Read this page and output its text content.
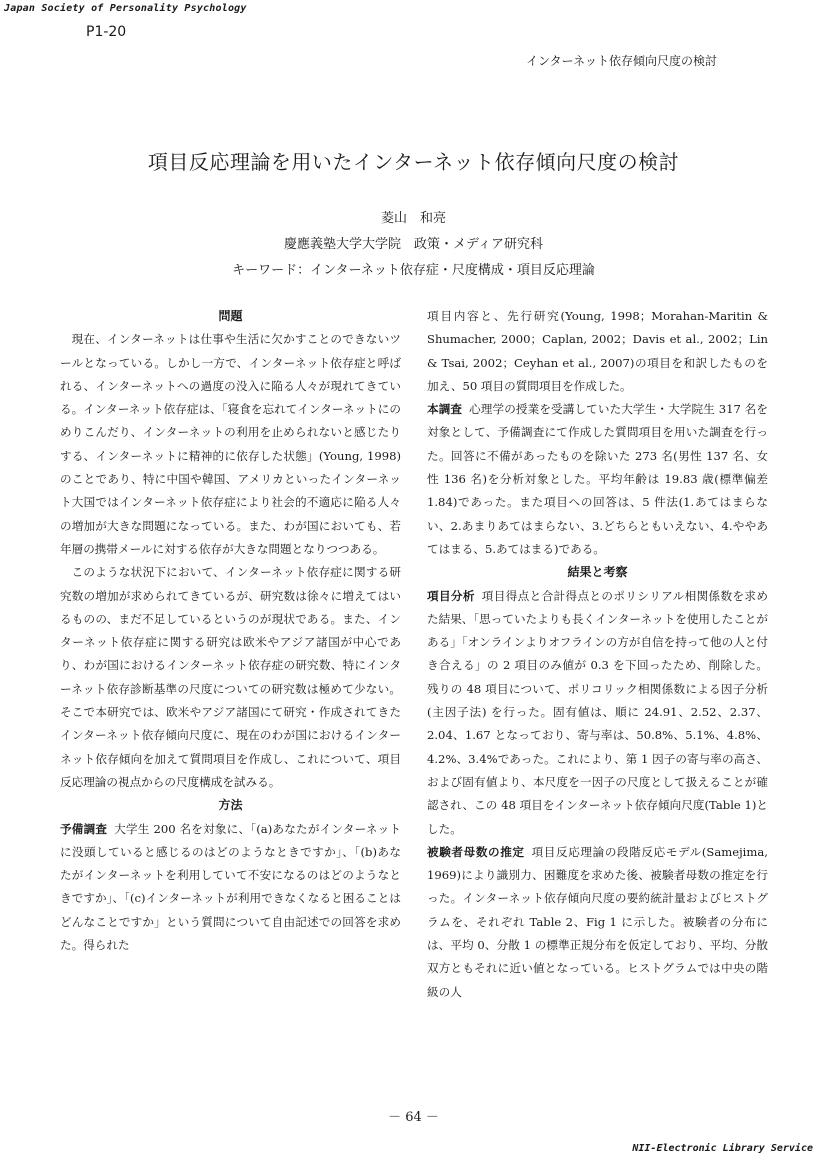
Japan Society of Personality Psychology
P1-20
インターネット依存傾向尺度の検討
項目反応理論を用いたインターネット依存傾向尺度の検討
菱山　和亮
慶應義塾大学大学院　政策・メディア研究科
キーワード：インターネット依存症・尺度構成・項目反応理論
問題

現在、インターネットは仕事や生活に欠かすことのできないツールとなっている。しかし一方で、インターネット依存症と呼ばれる、インターネットへの過度の没入に陥る人々が現れてきている。インターネット依存症は、「寝食を忘れてインターネットにのめりこんだり、インターネットの利用を止められないと感じたりする、インターネットに精神的に依存した状態」(Young, 1998)のことであり、特に中国や韓国、アメリカといったインターネット大国ではインターネット依存症により社会的不適応に陥る人々の増加が大きな問題になっている。また、わが国においても、若年層の携帯メールに対する依存が大きな問題となりつつある。

このような状況下において、インターネット依存症に関する研究数の増加が求められてきているが、研究数は徐々に増えてはいるものの、まだ不足しているというのが現状である。また、インターネット依存症に関する研究は欧米やアジア諸国が中心であり、わが国におけるインターネット依存症の研究数、特にインターネット依存診断基準の尺度についての研究数は極めて少ない。そこで本研究では、欧米やアジア諸国にて研究・作成されてきたインターネット依存傾向尺度に、現在のわが国におけるインターネット依存傾向を加えて質問項目を作成し、これについて、項目反応理論の視点からの尺度構成を試みる。

方法

予備調査 大学生 200 名を対象に、「(a)あなたがインターネットに没頭していると感じるのはどのようなときですか」、「(b)あなたがインターネットを利用していて不安になるのはどのようなときですか」、「(c)インターネットが利用できなくなると困ることはどんなことですか」という質問について自由記述での回答を求めた。得られた

項目内容と、先行研究(Young, 1998；Morahan-Maritin & Shumacher, 2000；Caplan, 2002；Davis et al., 2002；Lin & Tsai, 2002；Ceyhan et al., 2007)の項目を和訳したものを加え、50 項目の質問項目を作成した。

本調査 心理学の授業を受講していた大学生・大学院生 317 名を対象として、予備調査にて作成した質問項目を用いた調査を行った。回答に不備があったものを除いた 273 名(男性 137 名、女性 136 名)を分析対象とした。平均年齢は 19.83 歳(標準偏差 1.84)であった。また項目への回答は、5 件法(1.あてはまらない、2.あまりあてはまらない、3.どちらともいえない、4.ややあてはまる、5.あてはまる)である。

結果と考察

項目分析 項目得点と合計得点とのポリシリアル相関係数を求めた結果、「思っていたよりも長くインターネットを使用したことがある」「オンラインよりオフラインの方が自信を持って他の人と付き合える」の 2 項目のみ値が 0.3 を下回ったため、削除した。残りの 48 項目について、ポリコリック相関係数による因子分析(主因子法) を行った。固有値は、順に 24.91、2.52、2.37、2.04、1.67 となっており、寄与率は、50.8%、5.1%、4.8%、4.2%、3.4%であった。これにより、第 1 因子の寄与率の高さ、および固有値より、本尺度を一因子の尺度として扱えることが確認され、この 48 項目をインターネット依存傾向尺度(Table 1)とした。

被験者母数の推定 項目反応理論の段階反応モデル(Samejima, 1969)により識別力、困難度を求めた後、被験者母数の推定を行った。インターネット依存傾向尺度の要約統計量およびヒストグラムを、それぞれ Table 2、Fig 1 に示した。被験者の分布には、平均 0、分散 1 の標準正規分布を仮定しており、平均、分散双方ともそれに近い値となっている。ヒストグラムでは中央の階級の人

－ 64 －
NII-Electronic Library Service
